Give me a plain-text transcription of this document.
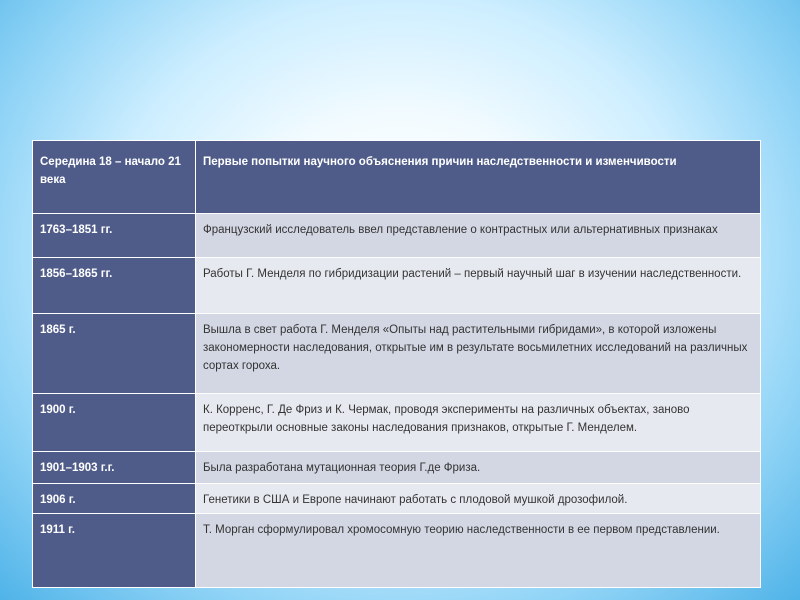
Середина 18 – начало 21 века	Первые попытки научного объяснения причин наследственности и изменчивости
1763–1851 гг.	Французский исследователь ввел представление о контрастных или альтернативных признаках
1856–1865 гг.	Работы Г. Менделя по гибридизации растений – первый научный шаг в изучении наследственности.
1865 г.	Вышла в свет работа Г. Менделя «Опыты над растительными гибридами», в которой изложены закономерности наследования, открытые им в результате восьмилетних исследований на различных сортах гороха.
1900 г.	К. Корренс, Г. Де Фриз и К. Чермак, проводя эксперименты на различных объектах, заново переоткрыли основные законы наследования признаков, открытые Г. Менделем.
1901–1903 г.г.	Была разработана мутационная теория Г.де Фриза.
1906 г.	Генетики в США и Европе начинают работать с плодовой мушкой дрозофилой.
1911 г.	Т. Морган сформулировал хромосомную теорию наследственности в ее первом представлении.
